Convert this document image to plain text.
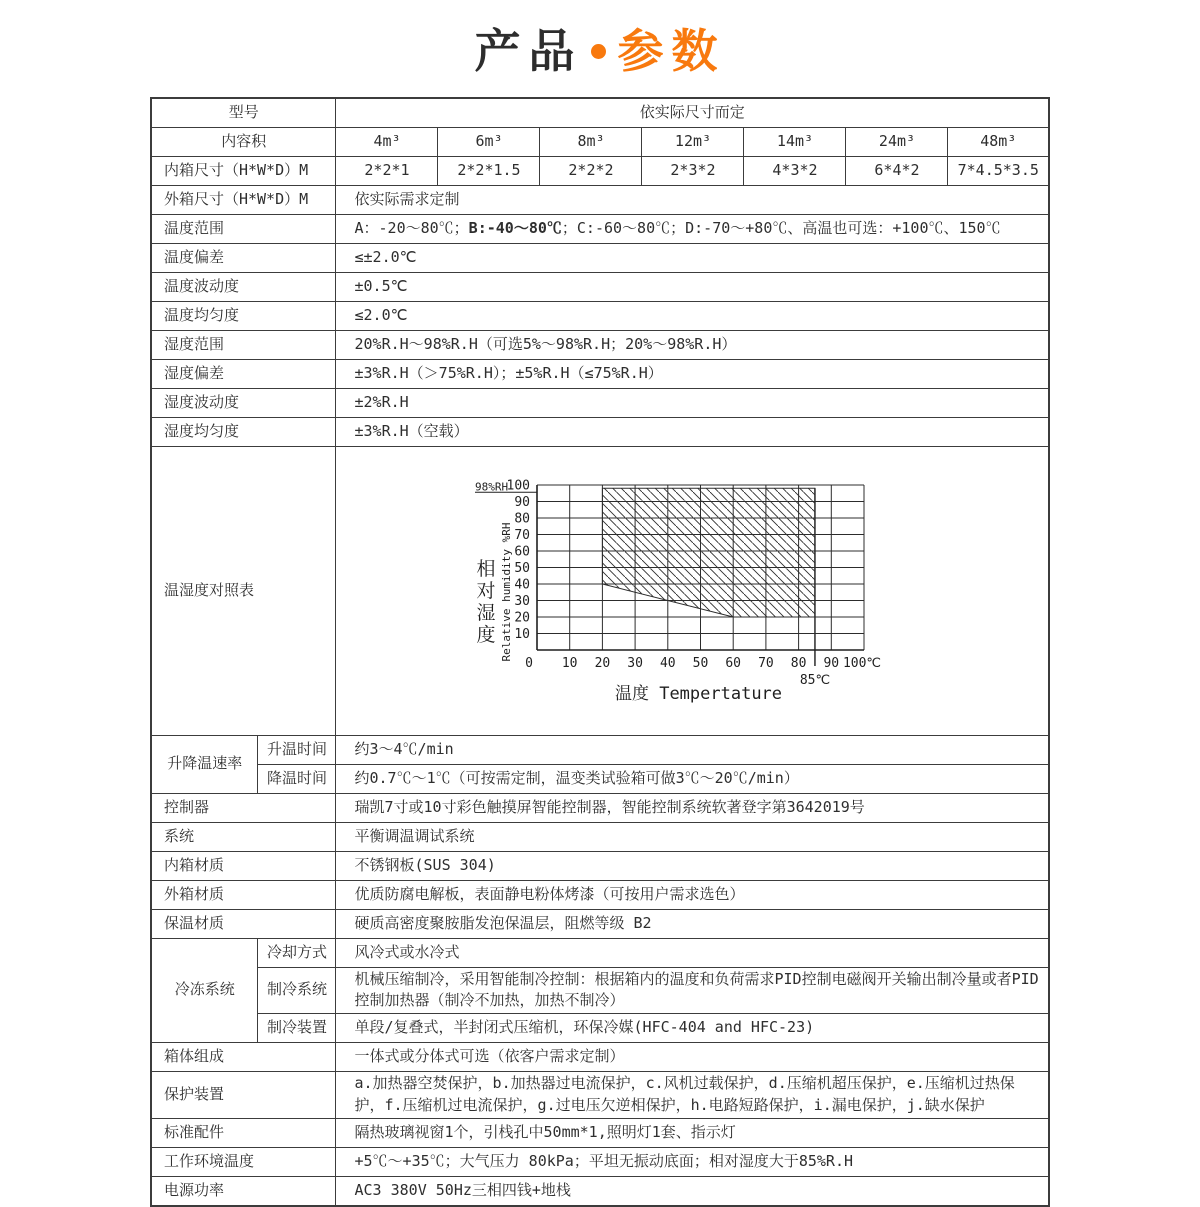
产品 参数
型号		依实际尺寸而定						
内容积		4m³	6m³	8m³	12m³	14m³	24m³	48m³
内箱尺寸（H*W*D）M		2*2*1	2*2*1.5	2*2*2	2*3*2	4*3*2	6*4*2	7*4.5*3.5
外箱尺寸（H*W*D）M		依实际需求定制						
温度范围		A：-20～80℃；B:-40～80℃；C:-60～80℃；D:-70～+80℃、高温也可选：+100℃、150℃						
温度偏差		≤±2.0℃						
温度波动度		±0.5℃						
温度均匀度		≤2.0℃						
湿度范围		20%R.H～98%R.H（可选5%～98%R.H；20%～98%R.H）						
湿度偏差		±3%R.H（＞75%R.H）；±5%R.H（≤75%R.H）						
湿度波动度		±2%R.H						
湿度均匀度		±3%R.H（空载）						
温湿度对照表	
0 10 20 30 40 50 60 70 80 90 100℃
85℃
10
20
30
40
50
60
70
80
90
100
98%RH
相
对
湿
度 Relative humidity %RH
温度 Tempertature

升降温速率	升温时间	约3～4℃/min						
	降温时间	约0.7℃～1℃（可按需定制，温变类试验箱可做3℃～20℃/min）						
控制器		瑞凯7寸或10寸彩色触摸屏智能控制器，智能控制系统软著登字第3642019号						
系统		平衡调温调试系统						
内箱材质		不锈钢板(SUS 304)						
外箱材质		优质防腐电解板，表面静电粉体烤漆（可按用户需求选色）						
保温材质		硬质高密度聚胺脂发泡保温层，阻燃等级 B2						
冷冻系统	冷却方式	风冷式或水冷式						
	制冷系统	机械压缩制冷，采用智能制冷控制：根据箱内的温度和负荷需求PID控制电磁阀开关输出制冷量或者PID控制加热器（制冷不加热，加热不制冷）						
	制冷装置	单段/复叠式，半封闭式压缩机，环保冷媒(HFC-404 and HFC-23)						
箱体组成		一体式或分体式可选（依客户需求定制）						
保护装置		a.加热器空焚保护，b.加热器过电流保护，c.风机过载保护，d.压缩机超压保护，e.压缩机过热保护，f.压缩机过电流保护，g.过电压欠逆相保护，h.电路短路保护，i.漏电保护，j.缺水保护						
标准配件		隔热玻璃视窗1个，引栈孔中50mm*1,照明灯1套、指示灯						
工作环境温度		+5℃～+35℃；大气压力 80kPa；平坦无振动底面；相对湿度大于85%R.H						
电源功率		AC3 380V 50Hz三相四钱+地栈						
